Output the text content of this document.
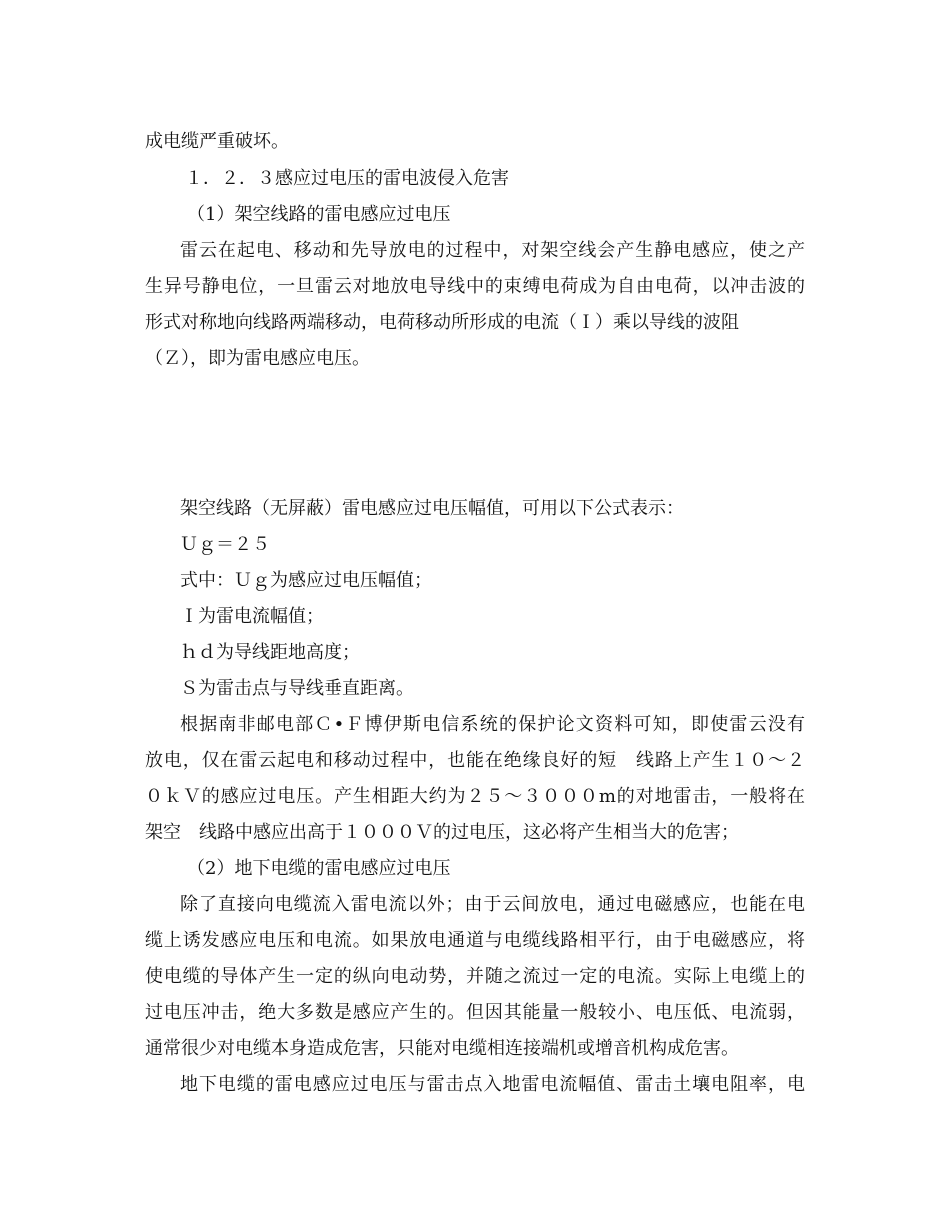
成电缆严重破坏。
１．２．３感应过电压的雷电波侵入危害
（1）架空线路的雷电感应过电压
雷云在起电、移动和先导放电的过程中，对架空线会产生静电感应，使之产
生异号静电位，一旦雷云对地放电导线中的束缚电荷成为自由电荷，以冲击波的
形式对称地向线路两端移动，电荷移动所形成的电流（Ｉ）乘以导线的波阻
（Ｚ），即为雷电感应电压。
架空线路（无屏蔽）雷电感应过电压幅值，可用以下公式表示：
Ｕｇ＝２５
式中：Ｕｇ为感应过电压幅值；
Ｉ为雷电流幅值；
ｈｄ为导线距地高度；
Ｓ为雷击点与导线垂直距离。
根据南非邮电部Ｃ•Ｆ博伊斯电信系统的保护论文资料可知，即使雷云没有
放电，仅在雷云起电和移动过程中，也能在绝缘良好的短　线路上产生１０～２
０ｋＶ的感应过电压。产生相距大约为２５～３０００m的对地雷击，一般将在
架空　线路中感应出高于１０００Ｖ的过电压，这必将产生相当大的危害；
（2）地下电缆的雷电感应过电压
除了直接向电缆流入雷电流以外；由于云间放电，通过电磁感应，也能在电
缆上诱发感应电压和电流。如果放电通道与电缆线路相平行，由于电磁感应，将
使电缆的导体产生一定的纵向电动势，并随之流过一定的电流。实际上电缆上的
过电压冲击，绝大多数是感应产生的。但因其能量一般较小、电压低、电流弱，
通常很少对电缆本身造成危害，只能对电缆相连接端机或增音机构成危害。
地下电缆的雷电感应过电压与雷击点入地雷电流幅值、雷击土壤电阻率，电
